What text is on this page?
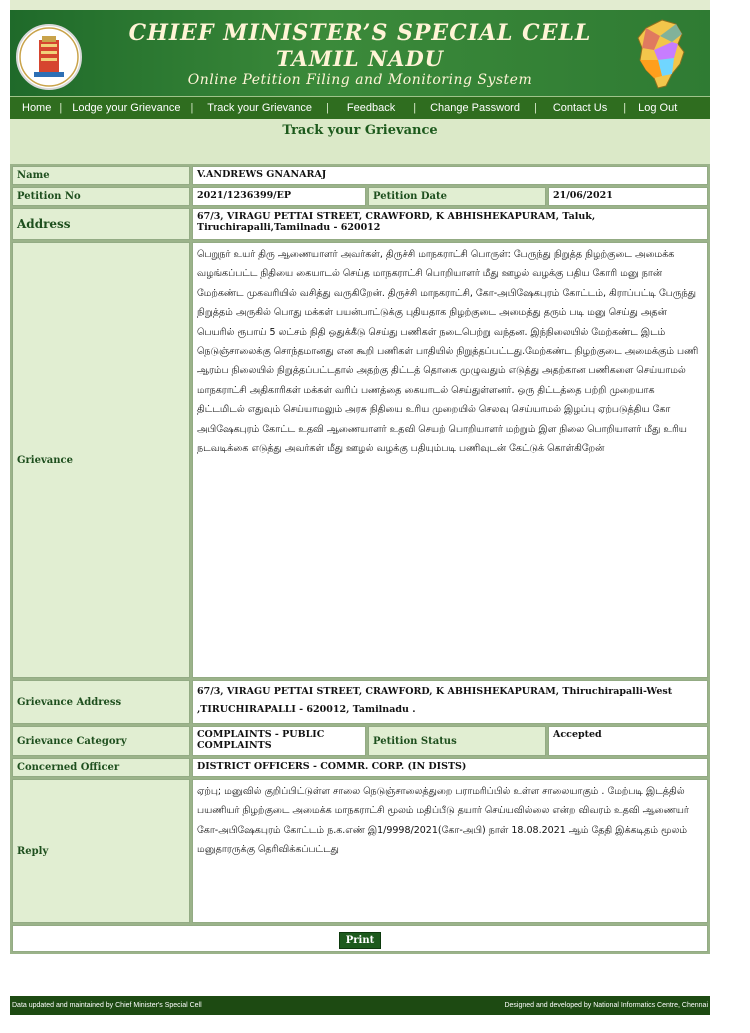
CHIEF MINISTER’S SPECIAL CELL
TAMIL NADU
Online Petition Filing and Monitoring System
Home | Lodge your Grievance |	Track your Grievance	|	Feedback	|	Change Password	|	Contact Us	|	Log Out
Track your Grievance
Name	V.ANDREWS GNANARAJ		
Petition No	2021/1236399/EP	Petition Date	21/06/2021
Address	67/3, VIRAGU PETTAI STREET, CRAWFORD, K ABHISHEKAPURAM, Taluk, Tiruchirapalli,Tamilnadu - 620012		
Grievance	பெறுநர் உயர் திரு ஆணையாளர் அவர்கள், திருச்சி மாநகராட்சி பொருள்: பேருந்து நிறுத்த நிழற்குடை அமைக்க வழங்கப்பட்ட நிதியை கையாடல் செய்த மாநகராட்சி பொறியாளர் மீது ஊழல் வழக்கு பதிய கோரி மனு நான் மேற்கண்ட முகவரியில் வசித்து வருகிறேன். திருச்சி மாநகராட்சி, கோ-அபிஷேகபுரம் கோட்டம், கிராப்பட்டி பேருந்து நிறுத்தம் அருகில் பொது மக்கள் பயன்பாட்டுக்கு புதியதாக நிழற்குடை அமைத்து தரும் படி மனு செய்து அதன் பெயரில் ரூபாய் 5 லட்சம் நிதி ஒதுக்கீடு செய்து பணிகள் நடைபெற்று வந்தன. இந்நிலையில் மேற்கண்ட இடம் நெடுஞ்சாலைக்கு சொந்தமானது என கூறி பணிகள் பாதியில் நிறுத்தப்பட்டது.மேற்கண்ட நிழற்குடை அமைக்கும் பணி ஆரம்ப நிலையில் நிறுத்தப்பட்டதால் அதற்கு திட்டத் தொகை முழுவதும் எடுத்து அதற்கான பணிகளை செய்யாமல் மாநகராட்சி அதிகாரிகள் மக்கள் வரிப் பணத்தை கையாடல் செய்துள்ளனர். ஒரு திட்டத்தை பற்றி முறையாக திட்டமிடல் எதுவும் செய்யாமலும் அரசு நிதியை உரிய முறையில் செலவு செய்யாமல் இழப்பு ஏற்படுத்திய கோ அபிஷேகபுரம் கோட்ட உதவி ஆணையாளர் உதவி செயற் பொறியாளர் மற்றும் இள நிலை பொறியாளர் மீது உரிய நடவடிக்கை எடுத்து அவர்கள் மீது ஊழல் வழக்கு பதியும்படி பணிவுடன் கேட்டுக் கொள்கிறேன்		
Grievance Address	67/3, VIRAGU PETTAI STREET, CRAWFORD, K ABHISHEKAPURAM, Thiruchirapalli-West ,TIRUCHIRAPALLI - 620012, Tamilnadu .		
Grievance Category	COMPLAINTS - PUBLIC COMPLAINTS	Petition Status	Accepted
Concerned Officer	DISTRICT OFFICERS - COMMR. CORP. (IN DISTS)		
Reply	ஏற்பு; மனுவில் குறிப்பிட்டுள்ள சாலை நெடுஞ்சாலைத்துறை பராமரிப்பில் உள்ள சாலையாகும் . மேற்படி இடத்தில் பயணியர் நிழற்குடை அமைக்க மாநகராட்சி மூலம் மதிப்பீடு தயார் செய்யவில்லை என்ற விவரம் உதவி ஆணையர் கோ-அபிஷேகபுரம் கோட்டம் ந.க.எண் இ1/9998/2021(கோ-அபி) நாள் 18.08.2021 ஆம் தேதி இக்கடிதம் மூலம் மனுதாரருக்கு தெரிவிக்கப்பட்டது		
Print			
Data updated and maintained by Chief Minister's Special Cell	Designed and developed by National Informatics Centre, Chennai
